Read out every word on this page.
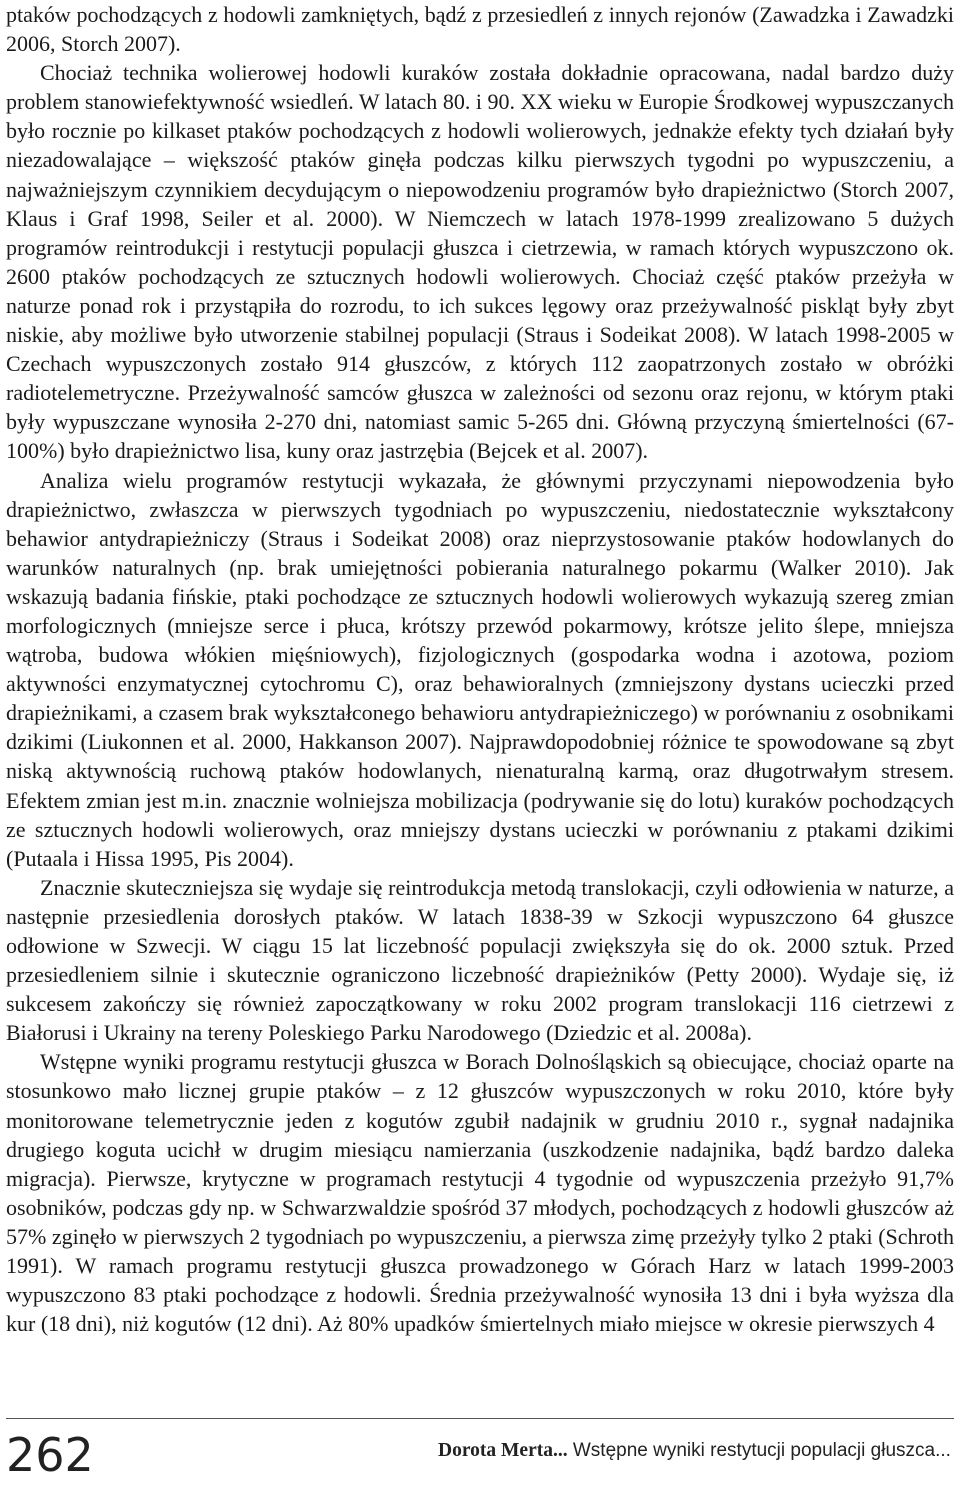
ptaków pochodzących z hodowli zamkniętych, bądź z przesiedleń z innych rejonów (Zawadzka i Zawadzki 2006, Storch 2007).

Chociaż technika wolierowej hodowli kuraków została dokładnie opracowana, nadal bardzo duży problem stanowiefektywność wsiedleń. W latach 80. i 90. XX wieku w Europie Środkowej wypuszczanych było rocznie po kilkaset ptaków pochodzących z hodowli wolierowych, jednakże efekty tych działań były niezadowalające – większość ptaków ginęła podczas kilku pierwszych tygodni po wypuszczeniu, a najważniejszym czynnikiem decydującym o niepowodzeniu programów było drapieżnictwo (Storch 2007, Klaus i Graf 1998, Seiler et al. 2000). W Niemczech w latach 1978-1999 zrealizowano 5 dużych programów reintrodukcji i restytucji populacji głuszca i cietrzewia, w ramach których wypuszczono ok. 2600 ptaków pochodzących ze sztucznych hodowli wolierowych. Chociaż część ptaków przeżyła w naturze ponad rok i przystąpiła do rozrodu, to ich sukces lęgowy oraz przeżywalność piskląt były zbyt niskie, aby możliwe było utworzenie stabilnej populacji (Straus i Sodeikat 2008). W latach 1998-2005 w Czechach wypuszczonych zostało 914 głuszców, z których 112 zaopatrzonych zostało w obróżki radiotelemetryczne. Przeżywalność samców głuszca w zależności od sezonu oraz rejonu, w którym ptaki były wypuszczane wynosiła 2-270 dni, natomiast samic 5-265 dni. Główną przyczyną śmiertelności (67-100%) było drapieżnictwo lisa, kuny oraz jastrzębia (Bejcek et al. 2007).

Analiza wielu programów restytucji wykazała, że głównymi przyczynami niepowodzenia było drapieżnictwo, zwłaszcza w pierwszych tygodniach po wypuszczeniu, niedostatecznie wykształcony behawior antydrapieżniczy (Straus i Sodeikat 2008) oraz nieprzystosowanie ptaków hodowlanych do warunków naturalnych (np. brak umiejętności pobierania naturalnego pokarmu (Walker 2010). Jak wskazują badania fińskie, ptaki pochodzące ze sztucznych hodowli wolierowych wykazują szereg zmian morfologicznych (mniejsze serce i płuca, krótszy przewód pokarmowy, krótsze jelito ślepe, mniejsza wątroba, budowa włókien mięśniowych), fizjologicznych (gospodarka wodna i azotowa, poziom aktywności enzymatycznej cytochromu C), oraz behawioralnych (zmniejszony dystans ucieczki przed drapieżnikami, a czasem brak wykształconego behawioru antydrapieżniczego) w porównaniu z osobnikami dzikimi (Liukonnen et al. 2000, Hakkanson 2007). Najprawdopodobniej różnice te spowodowane są zbyt niską aktywnością ruchową ptaków hodowlanych, nienaturalną karmą, oraz długotrwałym stresem. Efektem zmian jest m.in. znacznie wolniejsza mobilizacja (podrywanie się do lotu) kuraków pochodzących ze sztucznych hodowli wolierowych, oraz mniejszy dystans ucieczki w porównaniu z ptakami dzikimi (Putaala i Hissa 1995, Pis 2004).

Znacznie skuteczniejsza się wydaje się reintrodukcja metodą translokacji, czyli odłowienia w naturze, a następnie przesiedlenia dorosłych ptaków. W latach 1838-39 w Szkocji wypuszczono 64 głuszce odłowione w Szwecji. W ciągu 15 lat liczebność populacji zwiększyła się do ok. 2000 sztuk. Przed przesiedleniem silnie i skutecznie ograniczono liczebność drapieżników (Petty 2000). Wydaje się, iż sukcesem zakończy się również zapoczątkowany w roku 2002 program translokacji 116 cietrzewi z Białorusi i Ukrainy na tereny Poleskiego Parku Narodowego (Dziedzic et al. 2008a).

Wstępne wyniki programu restytucji głuszca w Borach Dolnośląskich są obiecujące, chociaż oparte na stosunkowo mało licznej grupie ptaków – z 12 głuszców wypuszczonych w roku 2010, które były monitorowane telemetrycznie jeden z kogutów zgubił nadajnik w grudniu 2010 r., sygnał nadajnika drugiego koguta ucichł w drugim miesiącu namierzania (uszkodzenie nadajnika, bądź bardzo daleka migracja). Pierwsze, krytyczne w programach restytucji 4 tygodnie od wypuszczenia przeżyło 91,7% osobników, podczas gdy np. w Schwarzwaldzie spośród 37 młodych, pochodzących z hodowli głuszców aż 57% zginęło w pierwszych 2 tygodniach po wypuszczeniu, a pierwsza zimę przeżyły tylko 2 ptaki (Schroth 1991). W ramach programu restytucji głuszca prowadzonego w Górach Harz w latach 1999-2003 wypuszczono 83 ptaki pochodzące z hodowli. Średnia przeżywalność wynosiła 13 dni i była wyższa dla kur (18 dni), niż kogutów (12 dni). Aż 80% upadków śmiertelnych miało miejsce w okresie pierwszych 4

262	Dorota Merta... Wstępne wyniki restytucji populacji głuszca...
